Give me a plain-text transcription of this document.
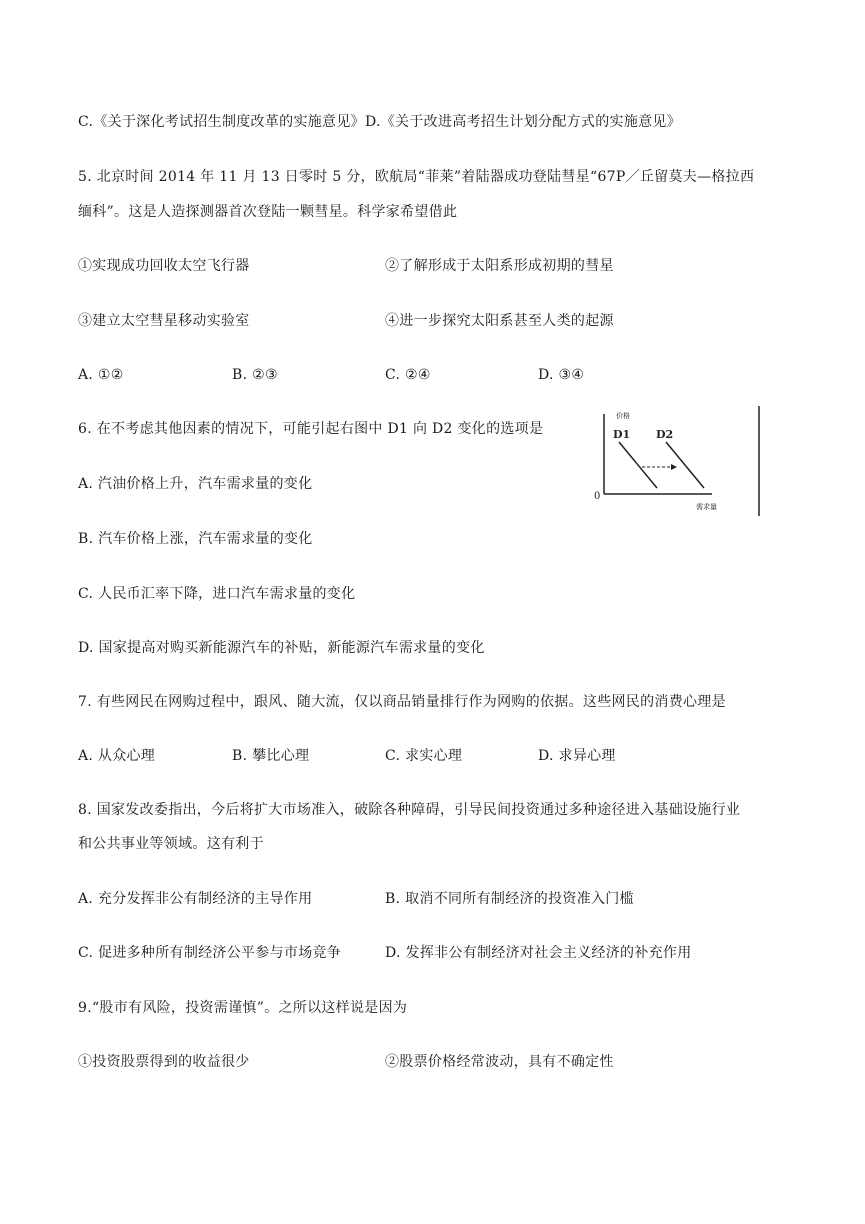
C.《关于深化考试招生制度改革的实施意见》D.《关于改进高考招生计划分配方式的实施意见》
5. 北京时间 2014 年 11 月 13 日零时 5 分，欧航局“菲莱”着陆器成功登陆彗星“67P／丘留莫夫—格拉西
缅科”。这是人造探测器首次登陆一颗彗星。科学家希望借此
①实现成功回收太空飞行器	②了解形成于太阳系形成初期的彗星
③建立太空彗星移动实验室	④进一步探究太阳系甚至人类的起源
A. ①②	B. ②③	C. ②④	D. ③④
6. 在不考虑其他因素的情况下，可能引起右图中 D1 向 D2 变化的选项是
A. 汽油价格上升，汽车需求量的变化
B. 汽车价格上涨，汽车需求量的变化
C. 人民币汇率下降，进口汽车需求量的变化
D. 国家提高对购买新能源汽车的补贴，新能源汽车需求量的变化
价格
需求量
0
D1 D2
7. 有些网民在网购过程中，跟风、随大流，仅以商品销量排行作为网购的依据。这些网民的消费心理是
A. 从众心理	B. 攀比心理	C. 求实心理	D. 求异心理
8. 国家发改委指出，今后将扩大市场准入，破除各种障碍，引导民间投资通过多种途径进入基础设施行业
和公共事业等领域。这有利于
A. 充分发挥非公有制经济的主导作用	B. 取消不同所有制经济的投资准入门槛
C. 促进多种所有制经济公平参与市场竞争	D. 发挥非公有制经济对社会主义经济的补充作用
9.“股市有风险，投资需谨慎”。之所以这样说是因为
①投资股票得到的收益很少	②股票价格经常波动，具有不确定性
